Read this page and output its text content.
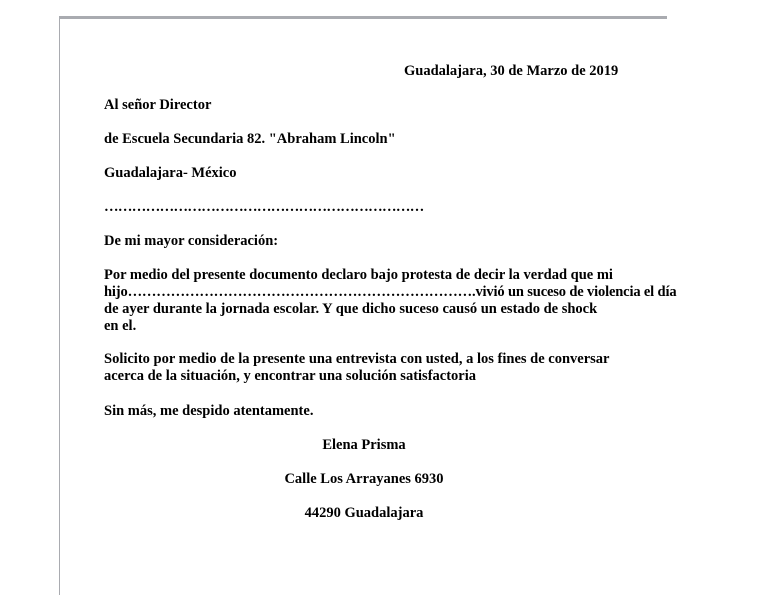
Guadalajara, 30 de Marzo de 2019
Al señor Director
de Escuela Secundaria 82. "Abraham Lincoln"
Guadalajara- México
……………………………………………………………
De mi mayor consideración:
Por medio del presente documento declaro bajo protesta de decir la verdad que mi
hijo……………………………………………………………….vivió un suceso de violencia el día
de ayer durante la jornada escolar. Y que dicho suceso causó un estado de shock
en el.
Solicito por medio de la presente una entrevista con usted, a los fines de conversar
acerca de la situación, y encontrar una solución satisfactoria
Sin más, me despido atentamente.
Elena Prisma
Calle Los Arrayanes 6930
44290 Guadalajara
